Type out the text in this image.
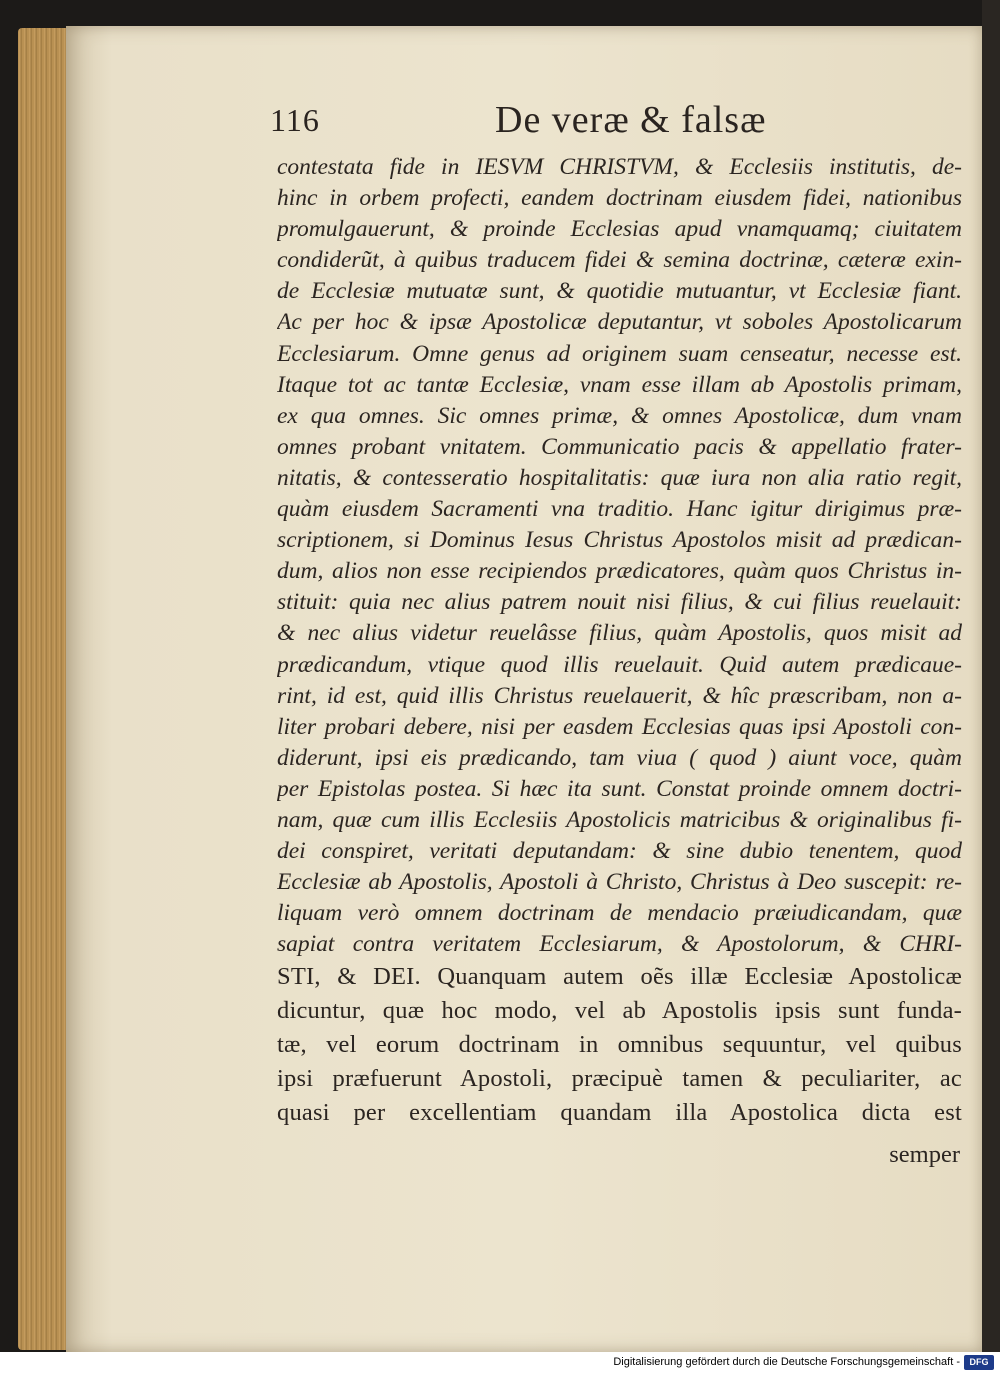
116	De veræ & falsæ
contestata fide in IESVM CHRISTVM, & Ecclesiis institutis, de-
hinc in orbem profecti, eandem doctrinam eiusdem fidei, nationibus
promulgauerunt, & proinde Ecclesias apud vnamquamq; ciuitatem
condiderũt, à quibus traducem fidei & semina doctrinæ, cæteræ exin-
de Ecclesiæ mutuatæ sunt, & quotidie mutuantur, vt Ecclesiæ fiant.
Ac per hoc & ipsæ Apostolicæ deputantur, vt soboles Apostolicarum
Ecclesiarum. Omne genus ad originem suam censeatur, necesse est.
Itaque tot ac tantæ Ecclesiæ, vnam esse illam ab Apostolis primam,
ex qua omnes. Sic omnes primæ, & omnes Apostolicæ, dum vnam
omnes probant vnitatem. Communicatio pacis & appellatio frater-
nitatis, & contesseratio hospitalitatis: quæ iura non alia ratio regit,
quàm eiusdem Sacramenti vna traditio. Hanc igitur dirigimus præ-
scriptionem, si Dominus Iesus Christus Apostolos misit ad prædican-
dum, alios non esse recipiendos prædicatores, quàm quos Christus in-
stituit: quia nec alius patrem nouit nisi filius, & cui filius reuelauit:
& nec alius videtur reuelâsse filius, quàm Apostolis, quos misit ad
prædicandum, vtique quod illis reuelauit. Quid autem prædicaue-
rint, id est, quid illis Christus reuelauerit, & hîc præscribam, non a-
liter probari debere, nisi per easdem Ecclesias quas ipsi Apostoli con-
diderunt, ipsi eis prædicando, tam viua ( quod ) aiunt voce, quàm
per Epistolas postea. Si hæc ita sunt. Constat proinde omnem doctri-
nam, quæ cum illis Ecclesiis Apostolicis matricibus & originalibus fi-
dei conspiret, veritati deputandam: & sine dubio tenentem, quod
Ecclesiæ ab Apostolis, Apostoli à Christo, Christus à Deo suscepit: re-
liquam verò omnem doctrinam de mendacio præiudicandam, quæ
sapiat contra veritatem Ecclesiarum, & Apostolorum, & CHRI-
STI, & DEI. Quanquam autem oẽs illæ Ecclesiæ Apostolicæ
dicuntur, quæ hoc modo, vel ab Apostolis ipsis sunt funda-
tæ, vel eorum doctrinam in omnibus sequuntur, vel quibus
ipsi præfuerunt Apostoli, præcipuè tamen & peculiariter, ac
quasi per excellentiam quandam illa Apostolica dicta est
semper
Digitalisierung gefördert durch die Deutsche Forschungsgemeinschaft -	DFG
